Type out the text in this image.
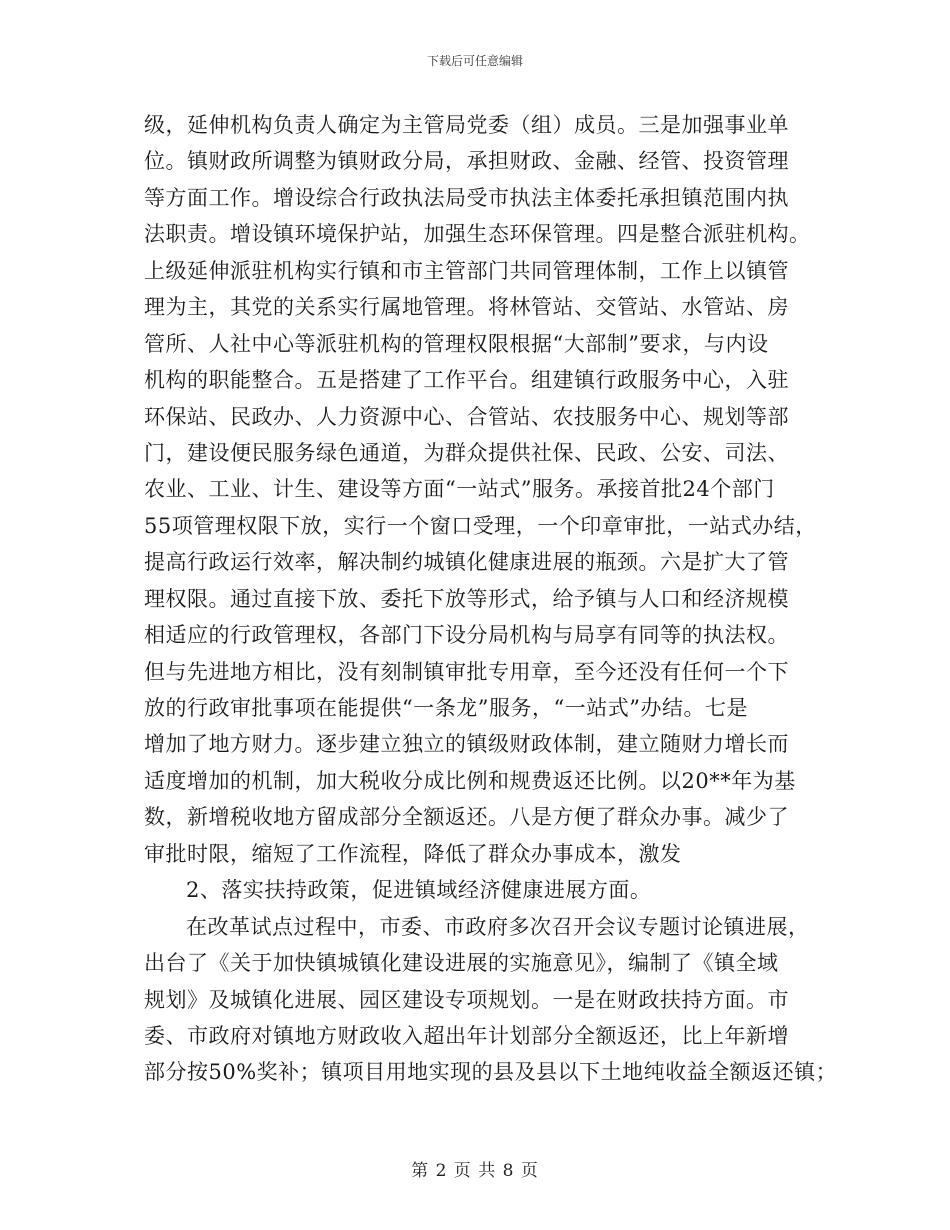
下载后可任意编辑
级，延伸机构负责人确定为主管局党委（组）成员。三是加强事业单
位。镇财政所调整为镇财政分局，承担财政、金融、经管、投资管理
等方面工作。增设综合行政执法局受市执法主体委托承担镇范围内执
法职责。增设镇环境保护站，加强生态环保管理。四是整合派驻机构。
上级延伸派驻机构实行镇和市主管部门共同管理体制，工作上以镇管
理为主，其党的关系实行属地管理。将林管站、交管站、水管站、房
管所、人社中心等派驻机构的管理权限根据“大部制”要求，与内设
机构的职能整合。五是搭建了工作平台。组建镇行政服务中心，入驻
环保站、民政办、人力资源中心、合管站、农技服务中心、规划等部
门，建设便民服务绿色通道，为群众提供社保、民政、公安、司法、
农业、工业、计生、建设等方面“一站式”服务。承接首批24个部门
55项管理权限下放，实行一个窗口受理，一个印章审批，一站式办结，
提高行政运行效率，解决制约城镇化健康进展的瓶颈。六是扩大了管
理权限。通过直接下放、委托下放等形式，给予镇与人口和经济规模
相适应的行政管理权，各部门下设分局机构与局享有同等的执法权。
但与先进地方相比，没有刻制镇审批专用章，至今还没有任何一个下
放的行政审批事项在能提供“一条龙”服务，“一站式”办结。七是
增加了地方财力。逐步建立独立的镇级财政体制，建立随财力增长而
适度增加的机制，加大税收分成比例和规费返还比例。以20**年为基
数，新增税收地方留成部分全额返还。八是方便了群众办事。减少了
审批时限，缩短了工作流程，降低了群众办事成本，激发
2、落实扶持政策，促进镇域经济健康进展方面。
在改革试点过程中，市委、市政府多次召开会议专题讨论镇进展，
出台了《关于加快镇城镇化建设进展的实施意见》，编制了《镇全域
规划》及城镇化进展、园区建设专项规划。一是在财政扶持方面。市
委、市政府对镇地方财政收入超出年计划部分全额返还，比上年新增
部分按50%奖补；镇项目用地实现的县及县以下土地纯收益全额返还镇；
第 2 页 共 8 页
